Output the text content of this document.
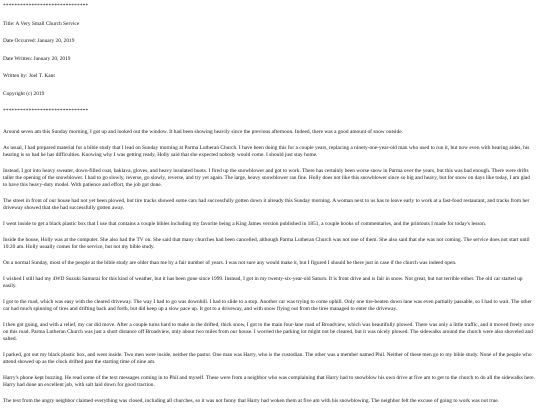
******************************
Title: A Very Small Church Service
Date Occurred: January 20, 2019
Date Written: January 20, 2019
Written by: Joel T. Kant
Copyright (c) 2019
******************************

Around seven am this Sunday morning, I got up and looked out the window. It had been showing heavily since the previous afternoon. Indeed, there was a good amount of snow outside.

As usual, I had prepared material for a bible study that I lead on Sunday morning at Parma Lutheran Church. I have been doing this for a couple years, replacing a ninety-one-year-old man who used to run it, but now even with hearing aides, his hearing is so bad he has difficulties. Knowing why I was getting ready, Holly said that she expected nobody would come. I should just stay home.

Instead, I got into heavy sweater, down-filled coat, baklava, gloves, and heavy insulated boots. I fired up the snowblower and got to work. There has certainly been worse snow in Parma over the years, but this was bad enough. There were drifts taller the opening of the snowblower. I had to go slowly, reverse, go slowly, reverse, and try yet again. The large, heavy snowblower ran fine. Holly does not like this snowblower since so big and heavy, but for snow on days like today, I am glad to have this heavy-duty model. With patience and effort, the job got done.

The street in front of our house had not yet been plowed, but tire tracks showed some cars had successfully gotten down it already this Sunday morning. A woman next to us has to leave early to work at a fast-food restaurant, and tracks from her driveway showed that she had successfully gotten away.

I went inside to get a black plastic box that I use that contains a couple bibles including my favorite being a King James version published in 1851, a couple books of commentaries, and the printouts I made for today's lesson.

Inside the house, Holly was at the computer. She also had the TV on. She said that many churches had been cancelled, although Parma Lutheran Church was not one of them. She also said that she was not coming. The service does not start until 10:20 am. Holly usually comes for the service, but not my bible study.

On a normal Sunday, most of the people at the bible study are older than me by a fair number of years. I was not sure any would make it, but I figured I should be there just in case if the church was indeed open.

I wished I still had my 4WD Suzuki Samurai for this kind of weather, but it has been gone since 1999. Instead, I got in my twenty-six-year-old Saturn. It is front drive and is fair in snow. Not great, but not terrible either. The old car started up easily.

I got to the road, which was easy with the cleared driveway. The way I had to go was downhill. I had to slide to a stop. Another car was trying to come uphill. Only one tire-beaten down lane was even partially passable, so I had to wait. The other car had much spinning of tires and drifting back and forth, but did keep up a slow pace up. It got to a driveway, and with snow flying out from the tires managed to enter the driveway.

I then got going, and with a relief, my car did move. After a couple turns hard to make in the drifted, thick snow, I got to the main four-lane road of Broadview, which was beautifully plowed. There was only a little traffic, and it moved freely once on this road. Parma Lutheran Church was just a short distance off Broadview, only about two miles from our house. I worried the parking lot might not be cleared, but it was nicely plowed. The sidewalks around the church were also shoveled and salted.

I parked, got out my black plastic box, and went inside. Two men were inside, neither the pastor. One man was Harry, who is the custodian. The other was a member named Phil. Neither of these men go to my bible study. None of the people who attend showed up as the clock drifted past the starting time of nine am.

Harry's phone kept buzzing. He read some of the text messages coming in to Phil and myself. These were from a neighbor who was complaining that Harry had to snowblow his own drive at five am to get to the church to do all the sidewalks here. Harry had done an excellent job, with salt laid down for good traction.

The text from the angry neighbor claimed everything was closed, including all churches, so it was not funny that Harry had woken them at five am with his snowblowing. The neighbor felt the excuse of going to work was not true.
